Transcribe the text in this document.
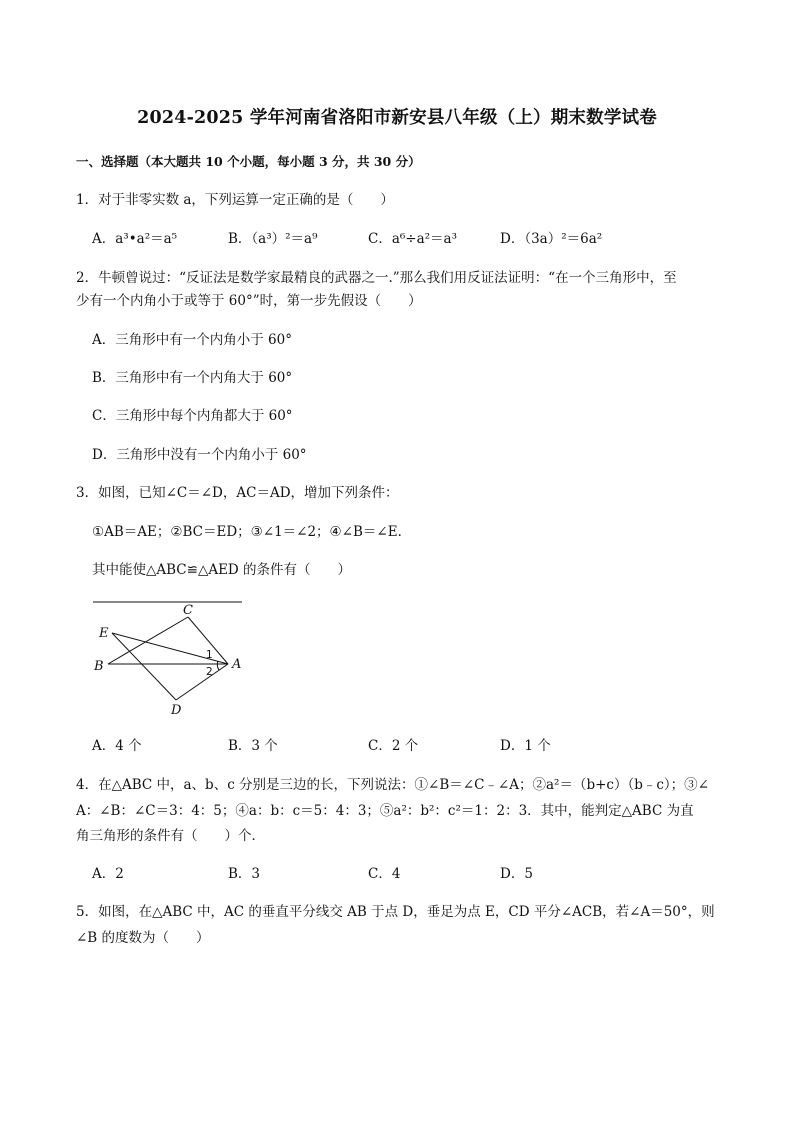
2024-2025 学年河南省洛阳市新安县八年级（上）期末数学试卷
一、选择题（本大题共 10 个小题，每小题 3 分，共 30 分）
1．对于非零实数 a，下列运算一定正确的是（　　）
A．a³•a²＝a⁵	B．（a³）²＝a⁹	C．a⁶÷a²＝a³	D．（3a）²＝6a²
2．牛顿曾说过：“反证法是数学家最精良的武器之一.”那么我们用反证法证明：“在一个三角形中，至
少有一个内角小于或等于 60°”时，第一步先假设（　　）
A．三角形中有一个内角小于 60°
B．三角形中有一个内角大于 60°
C．三角形中每个内角都大于 60°
D．三角形中没有一个内角小于 60°
3．如图，已知∠C＝∠D，AC＝AD，增加下列条件：
①AB＝AE；②BC＝ED；③∠1＝∠2；④∠B＝∠E．
其中能使△ABC≌△AED 的条件有（　　）
C
E
B	A
D
1
2
A．4 个	B．3 个	C．2 个	D．1 个
4．在△ABC 中，a、b、c 分别是三边的长，下列说法：①∠B＝∠C﹣∠A；②a²＝（b+c）（b﹣c）；③∠
A：∠B：∠C＝3：4：5；④a：b：c＝5：4：3；⑤a²：b²：c²＝1：2：3．其中，能判定△ABC 为直
角三角形的条件有（　　）个．
A．2	B．3	C．4	D．5
5．如图，在△ABC 中，AC 的垂直平分线交 AB 于点 D，垂足为点 E，CD 平分∠ACB，若∠A＝50°，则
∠B 的度数为（　　）
